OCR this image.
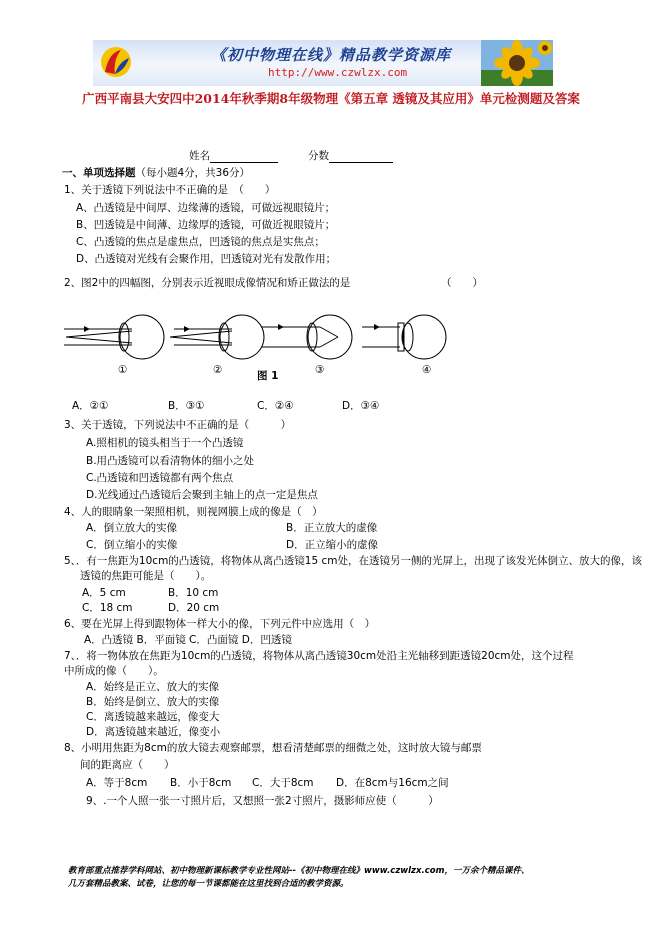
《初中物理在线》精品教学资源库
http://www.czwlzx.com
广西平南县大安四中2014年秋季期8年级物理《第五章 透镜及其应用》单元检测题及答案
姓名	分数
一、单项选择题（每小题4分，共36分）
1、关于透镜下列说法中不正确的是　（　　）
A、凸透镜是中间厚、边缘薄的透镜，可做远视眼镜片；
B、凹透镜是中间薄、边缘厚的透镜，可做近视眼镜片；
C、凸透镜的焦点是虚焦点，凹透镜的焦点是实焦点；
D、凸透镜对光线有会聚作用，凹透镜对光有发散作用；
2、图2中的四幅图，分别表示近视眼成像情况和矫正做法的是	（　　）
①	②	③	④
图 1
A．②①	B．③①	C．②④	D．③④
3、关于透镜，下列说法中不正确的是（　　　）
A.照相机的镜头相当于一个凸透镜
B.用凸透镜可以看清物体的细小之处
C.凸透镜和凹透镜都有两个焦点
D.光线通过凸透镜后会聚到主轴上的点一定是焦点
4、人的眼睛象一架照相机，则视网膜上成的像是（　）
A．倒立放大的实像	B．正立放大的虚像
C．倒立缩小的实像	D．正立缩小的虚像
5、．有一焦距为10cm的凸透镜，将物体从离凸透镜15 cm处，在透镜另一侧的光屏上，出现了该发光体倒立、放大的像，该
透镜的焦距可能是（　　）。
A．5 cm	B．10 cm
C．18 cm	D．20 cm
6、要在光屏上得到跟物体一样大小的像，下列元件中应选用（　）
A．凸透镜 B．平面镜 C．凸面镜 D．凹透镜
7、．将一物体放在焦距为10cm的凸透镜，将物体从离凸透镜30cm处沿主光轴移到距透镜20cm处，这个过程
中所成的像（　　）。
A．始终是正立、放大的实像
B．始终是倒立、放大的实像
C．离透镜越来越远，像变大
D．离透镜越来越近，像变小
8、小明用焦距为8cm的放大镜去观察邮票，想看清楚邮票的细微之处，这时放大镜与邮票
间的距离应（　　）
A．等于8cm B．小于8cm C．大于8cm D．在8cm与16cm之间
9、.一个人照一张一寸照片后，又想照一张2寸照片，摄影师应使（　　　）
教育部重点推荐学科网站、初中物理新课标教学专业性网站--《初中物理在线》www.czwlzx.com，一万余个精品课件、
几万套精品教案、试卷，让您的每一节课都能在这里找到合适的教学资源。
